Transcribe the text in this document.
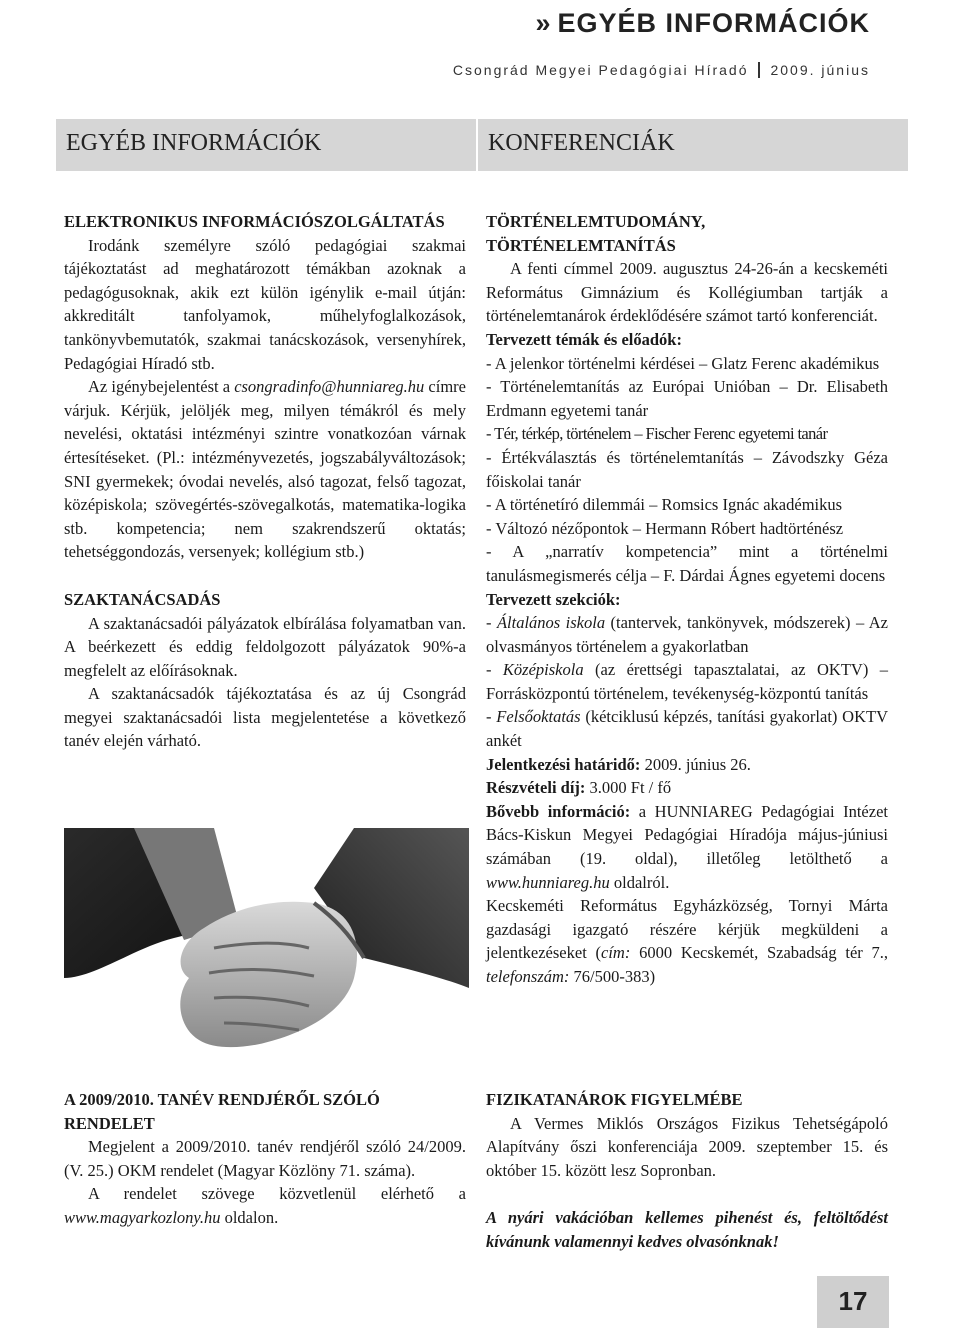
» EGYÉB INFORMÁCIÓK
Csongrád Megyei Pedagógiai Híradó 2009. június
EGYÉB INFORMÁCIÓK	KONFERENCIÁK

ELEKTRONIKUS INFORMÁCIÓSZOLGÁLTATÁS

Irodánk személyre szóló pedagógiai szakmai tájékoztatást ad meghatározott témákban azoknak a pedagógusoknak, akik ezt külön igénylik e-mail útján: akkreditált tanfolyamok, műhelyfoglalkozások, tankönyvbemutatók, szakmai tanácskozások, versenyhírek, Pedagógiai Híradó stb.

Az igénybejelentést a csongradinfo@hunniareg.hu címre várjuk. Kérjük, jelöljék meg, milyen témákról és mely nevelési, oktatási intézményi szintre vonatkozóan várnak értesítéseket. (Pl.: intézményvezetés, jogszabályváltozások; SNI gyermekek; óvodai nevelés, alsó tagozat, felső tagozat, középiskola; szövegértés-szövegalkotás, matematika-logika stb. kompetencia; nem szakrendszerű oktatás; tehetséggondozás, versenyek; kollégium stb.)

SZAKTANÁCSADÁS

A szaktanácsadói pályázatok elbírálása folyamatban van. A beérkezett és eddig feldolgozott pályázatok 90%-a megfelelt az előírásoknak.

A szaktanácsadók tájékoztatása és az új Csongrád megyei szaktanácsadói lista megjelentetése a következő tanév elején várható.

A 2009/2010. TANÉV RENDJÉRŐL SZÓLÓ RENDELET

Megjelent a 2009/2010. tanév rendjéről szóló 24/2009. (V. 25.) OKM rendelet (Magyar Közlöny 71. száma).

A rendelet szövege közvetlenül elérhető a www.magyarkozlony.hu oldalon.

TÖRTÉNELEMTUDOMÁNY, TÖRTÉNELEMTANÍTÁS

A fenti címmel 2009. augusztus 24-26-án a kecskeméti Református Gimnázium és Kollégiumban tartják a történelemtanárok érdeklődésére számot tartó konferenciát.

Tervezett témák és előadók:

- A jelenkor történelmi kérdései – Glatz Ferenc akadémikus

- Történelemtanítás az Európai Unióban – Dr. Elisabeth Erdmann egyetemi tanár

- Tér, térkép, történelem – Fischer Ferenc egyetemi tanár

- Értékválasztás és történelemtanítás – Závodszky Géza főiskolai tanár

- A történetíró dilemmái – Romsics Ignác akadémikus

- Változó nézőpontok – Hermann Róbert hadtörténész

- A „narratív kompetencia” mint a történelmi tanulásmegismerés célja – F. Dárdai Ágnes egyetemi docens

Tervezett szekciók:

- Általános iskola (tantervek, tankönyvek, módszerek) – Az olvasmányos történelem a gyakorlatban

- Középiskola (az érettségi tapasztalatai, az OKTV) – Forrásközpontú történelem, tevékenység-központú tanítás

- Felsőoktatás (kétciklusú képzés, tanítási gyakorlat) OKTV ankét

Jelentkezési határidő: 2009. június 26.

Részvételi díj: 3.000 Ft / fő

Bővebb információ: a HUNNIAREG Pedagógiai Intézet Bács-Kiskun Megyei Pedagógiai Híradója május-júniusi számában (19. oldal), illetőleg letölthető a www.hunniareg.hu oldalról.

Kecskeméti Református Egyházközség, Tornyi Márta gazdasági igazgató részére kérjük megküldeni a jelentkezéseket (cím: 6000 Kecskemét, Szabadság tér 7., telefonszám: 76/500-383)

FIZIKATANÁROK FIGYELMÉBE

A Vermes Miklós Országos Fizikus Tehetségápoló Alapítvány őszi konferenciája 2009. szeptember 15. és október 15. között lesz Sopronban.

A nyári vakációban kellemes pihenést és, feltöltődést kívánunk valamennyi kedves olvasónknak!

17
